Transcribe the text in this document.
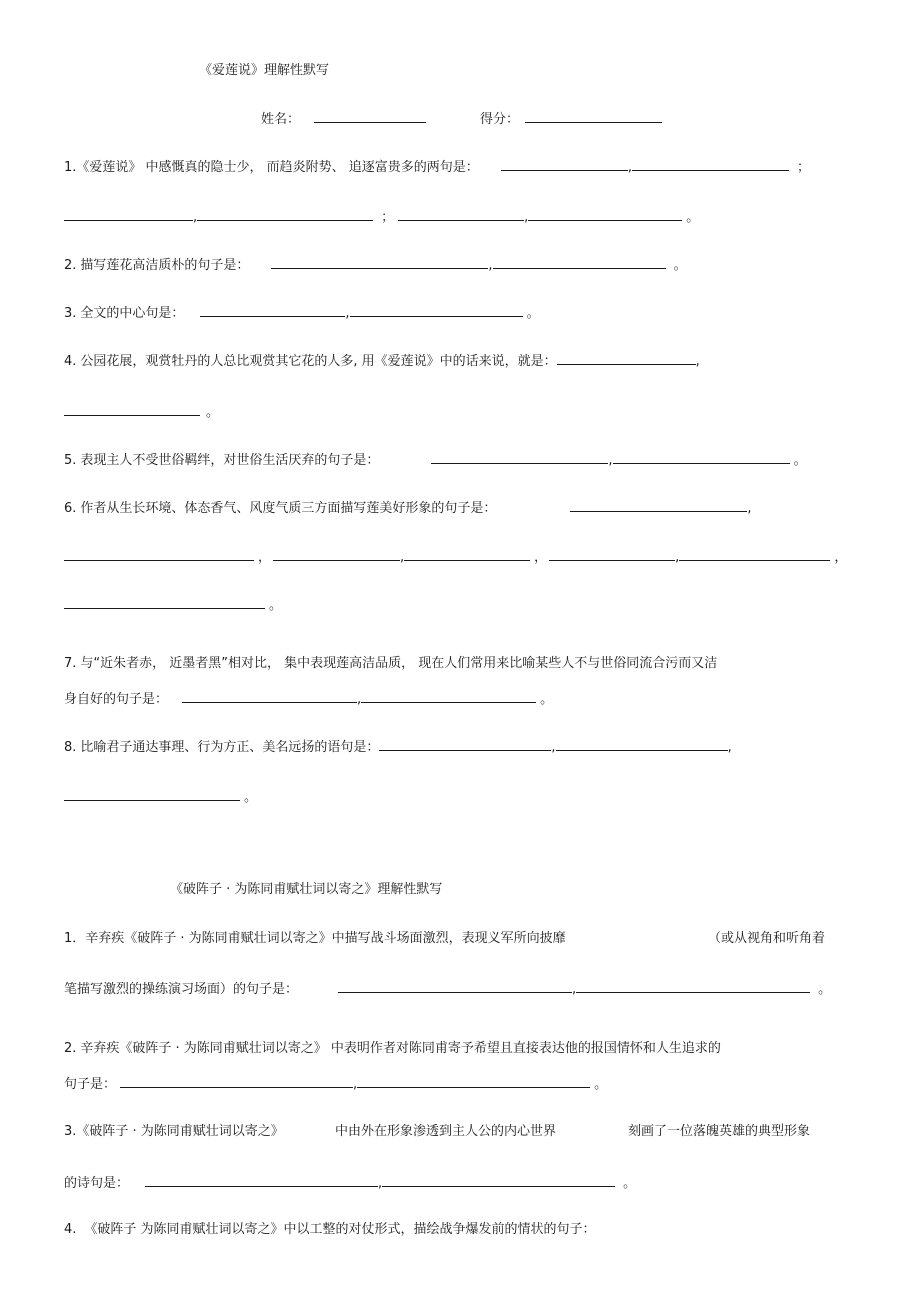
《爱莲说》理解性默写
姓名：	得分：
1.《爱莲说》 中感慨真的隐士少， 而趋炎附势、 追逐富贵多的两句是：	,	；
,	；	,	。
2. 描写莲花高洁质朴的句子是：	,	。
3. 全文的中心句是：	,	。
4. 公园花展，观赏牡丹的人总比观赏其它花的人多, 用《爱莲说》中的话来说，就是：	,
。
5. 表现主人不受世俗羁绊，对世俗生活厌弃的句子是：	,	。
6. 作者从生长环境、体态香气、风度气质三方面描写莲美好形象的句子是：	,
，	,	，	,	，
。
7. 与“近朱者赤， 近墨者黑”相对比， 集中表现莲高洁品质， 现在人们常用来比喻某些人不与世俗同流合污而又洁
身自好的句子是：	,	。
8. 比喻君子通达事理、行为方正、美名远扬的语句是：	,	,
。
《破阵子 · 为陈同甫赋壮词以寄之》理解性默写
1．辛弃疾《破阵子 · 为陈同甫赋壮词以寄之》中描写战斗场面激烈，表现义军所向披靡	（或从视角和听角着
笔描写激烈的操练演习场面）的句子是：	,	。
2. 辛弃疾《破阵子 · 为陈同甫赋壮词以寄之》 中表明作者对陈同甫寄予希望且直接表达他的报国情怀和人生追求的
句子是：	,	。
3.《破阵子 · 为陈同甫赋壮词以寄之》	中由外在形象渗透到主人公的内心世界	刻画了一位落魄英雄的典型形象
的诗句是：	,	。
4. 《破阵子 为陈同甫赋壮词以寄之》中以工整的对仗形式，描绘战争爆发前的情状的句子：
